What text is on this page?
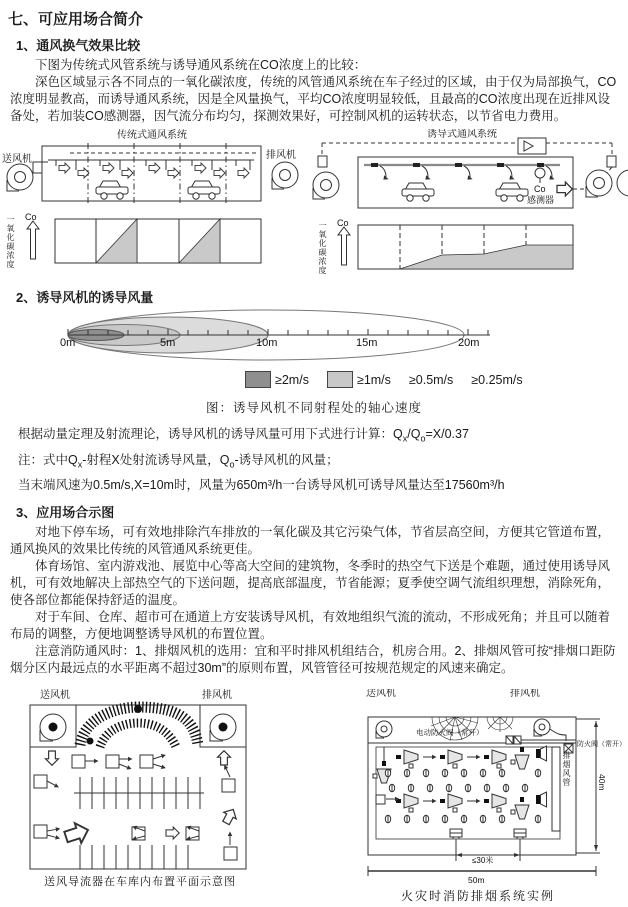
七、可应用场合简介
1、通风换气效果比较

下图为传统式风管系统与诱导通风系统在CO浓度上的比较：

深色区域显示各不同点的一氧化碳浓度，传统的风管通风系统在车子经过的区域，由于仅为局部换气，CO浓度明显教高，而诱导通风系统，因是全风量换气，平均CO浓度明显较低，且最高的CO浓度出现在近排风设备处，若加装CO感测器，因气流分布均匀，探测效果好，可控制风机的运转状态，以节省电力费用。

传统式通风系统
送风机	排风机
Co
一氧化碳浓度
诱导式通风系统
Co
感测器
Co
一氧化碳浓度
2、诱导风机的诱导风量
0m	5m	10m	15m	20m
≥2m/s	≥1m/s ≥0.5m/s ≥0.25m/s
图：诱导风机不同射程处的轴心速度
根据动量定理及射流理论，诱导风机的诱导风量可用下式进行计算：$Q_x/Q_o=X/0.37$
注：式中$Q_x-$射程X处射流诱导风量，$Q_o-$诱导风机的风量；
当末端风速为0.5m/s,X=10m时，风量为650m³/h一台诱导风机可诱导风量达至17560m³/h
3、应用场合示图

对地下停车场，可有效地排除汽车排放的一氧化碳及其它污染气体，节省层高空间，方便其它管道布置，通风换风的效果比传统的风管通风系统更佳。

体育场馆、室内游戏池、展览中心等高大空间的建筑物，冬季时的热空气下送是个难题，通过使用诱导风机，可有效地解决上部热空气的下送问题，提高底部温度，节省能源；夏季使空调气流组织理想，消除死角，使各部位都能保持舒适的温度。

对于车间、仓库、超市可在通道上方安装诱导风机，有效地组织气流的流动，不形成死角；并且可以随着布局的调整，方便地调整诱导风机的布置位置。

注意消防通风时：1、排烟风机的选用：宜和平时排风机组结合，机房合用。2、排烟风管可按“排烟口距防烟分区内最远点的水平距离不超过30m”的原则布置，风管管径可按规范规定的风速来确定。

送风机	排风机
送风导流器在车库内布置平面示意图
送风机	排风机
电动防火阀（常开）
防火阀（常开）
排烟风管	40m
≤30米
50m
火灾时消防排烟系统实例
